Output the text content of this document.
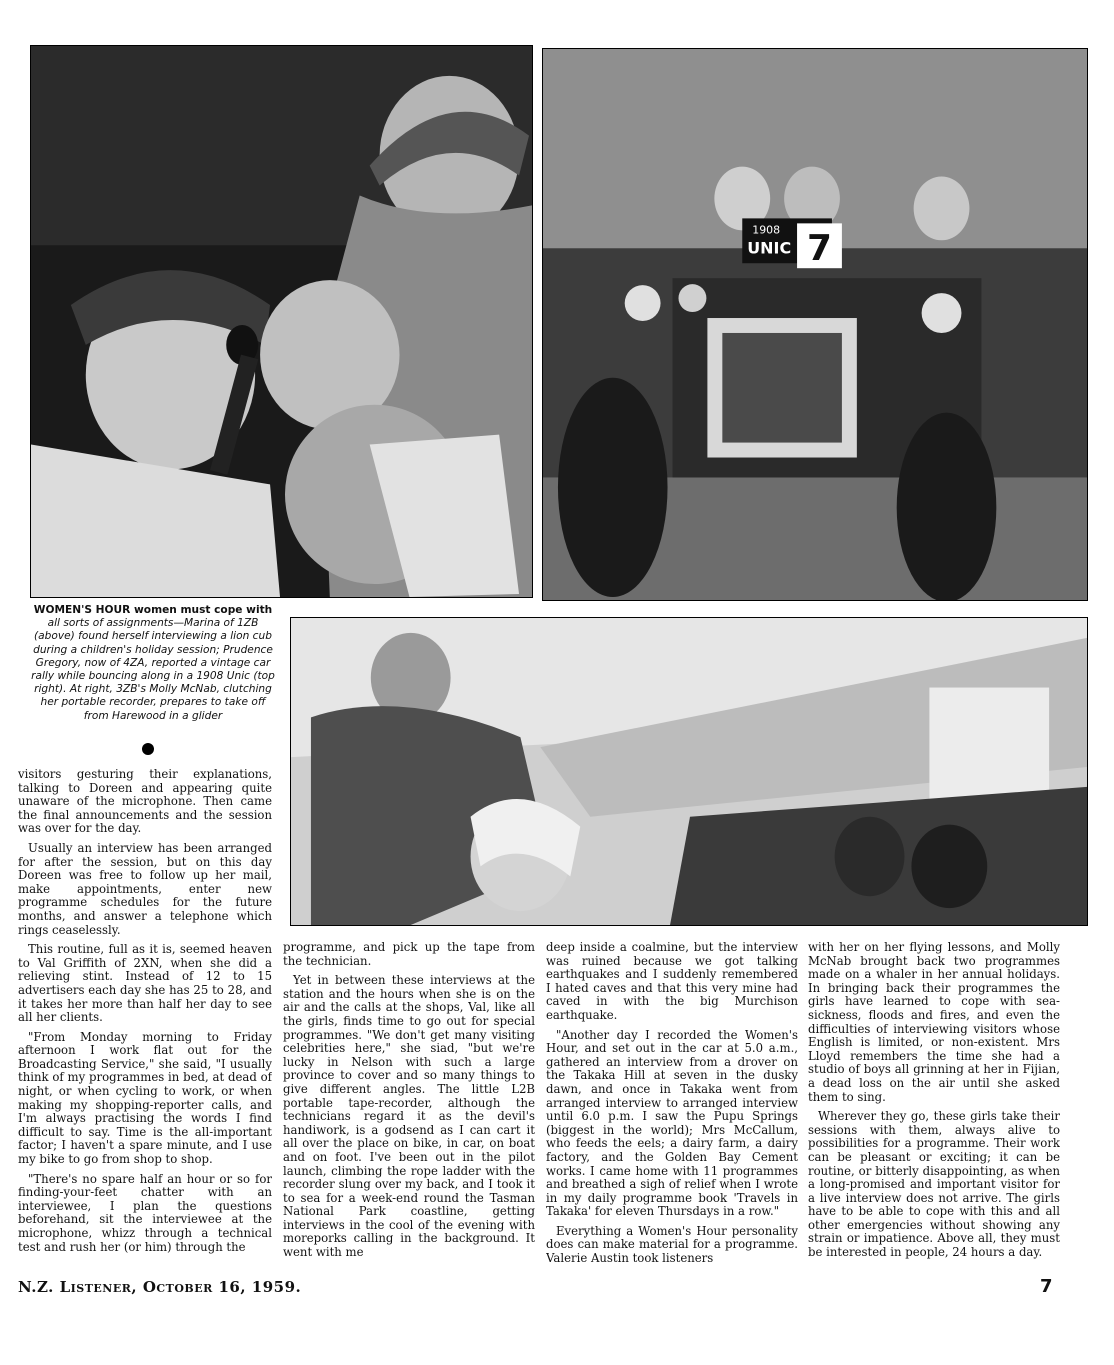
1908
UNIC 7
WOMEN'S HOUR women must cope with all sorts of assignments—Marina of 1ZB (above) found herself interviewing a lion cub during a children's holiday session; Prudence Gregory, now of 4ZA, reported a vintage car rally while bouncing along in a 1908 Unic (top right). At right, 3ZB's Molly McNab, clutching her portable recorder, prepares to take off from Harewood in a glider

visitors gesturing their explanations, talking to Doreen and appearing quite unaware of the microphone. Then came the final announcements and the session was over for the day.

Usually an interview has been arranged for after the session, but on this day Doreen was free to follow up her mail, make appointments, enter new programme schedules for the future months, and answer a telephone which rings ceaselessly.

This routine, full as it is, seemed heaven to Val Griffith of 2XN, when she did a relieving stint. Instead of 12 to 15 advertisers each day she has 25 to 28, and it takes her more than half her day to see all her clients.

"From Monday morning to Friday afternoon I work flat out for the Broadcasting Service," she said, "I usually think of my programmes in bed, at dead of night, or when cycling to work, or when making my shopping-reporter calls, and I'm always practising the words I find difficult to say. Time is the all-important factor; I haven't a spare minute, and I use my bike to go from shop to shop.

"There's no spare half an hour or so for finding-your-feet chatter with an interviewee, I plan the questions beforehand, sit the interviewee at the microphone, whizz through a technical test and rush her (or him) through the

programme, and pick up the tape from the technician.

Yet in between these interviews at the station and the hours when she is on the air and the calls at the shops, Val, like all the girls, finds time to go out for special programmes. "We don't get many visiting celebrities here," she siad, "but we're lucky in Nelson with such a large province to cover and so many things to give different angles. The little L2B portable tape-recorder, although the technicians regard it as the devil's handiwork, is a godsend as I can cart it all over the place on bike, in car, on boat and on foot. I've been out in the pilot launch, climbing the rope ladder with the recorder slung over my back, and I took it to sea for a week-end round the Tasman National Park coastline, getting interviews in the cool of the evening with moreporks calling in the background. It went with me

deep inside a coalmine, but the interview was ruined because we got talking earthquakes and I suddenly remembered I hated caves and that this very mine had caved in with the big Murchison earthquake.

"Another day I recorded the Women's Hour, and set out in the car at 5.0 a.m., gathered an interview from a drover on the Takaka Hill at seven in the dusky dawn, and once in Takaka went from arranged interview to arranged interview until 6.0 p.m. I saw the Pupu Springs (biggest in the world); Mrs McCallum, who feeds the eels; a dairy farm, a dairy factory, and the Golden Bay Cement works. I came home with 11 programmes and breathed a sigh of relief when I wrote in my daily programme book 'Travels in Takaka' for eleven Thursdays in a row."

Everything a Women's Hour personality does can make material for a programme. Valerie Austin took listeners

with her on her flying lessons, and Molly McNab brought back two programmes made on a whaler in her annual holidays. In bringing back their programmes the girls have learned to cope with sea-sickness, floods and fires, and even the difficulties of interviewing visitors whose English is limited, or non-existent. Mrs Lloyd remembers the time she had a studio of boys all grinning at her in Fijian, a dead loss on the air until she asked them to sing.

Wherever they go, these girls take their sessions with them, always alive to possibilities for a programme. Their work can be pleasant or exciting; it can be routine, or bitterly disappointing, as when a long-promised and important visitor for a live interview does not arrive. The girls have to be able to cope with this and all other emergencies without showing any strain or impatience. Above all, they must be interested in people, 24 hours a day.

N.Z. Listener, October 16, 1959.	7
